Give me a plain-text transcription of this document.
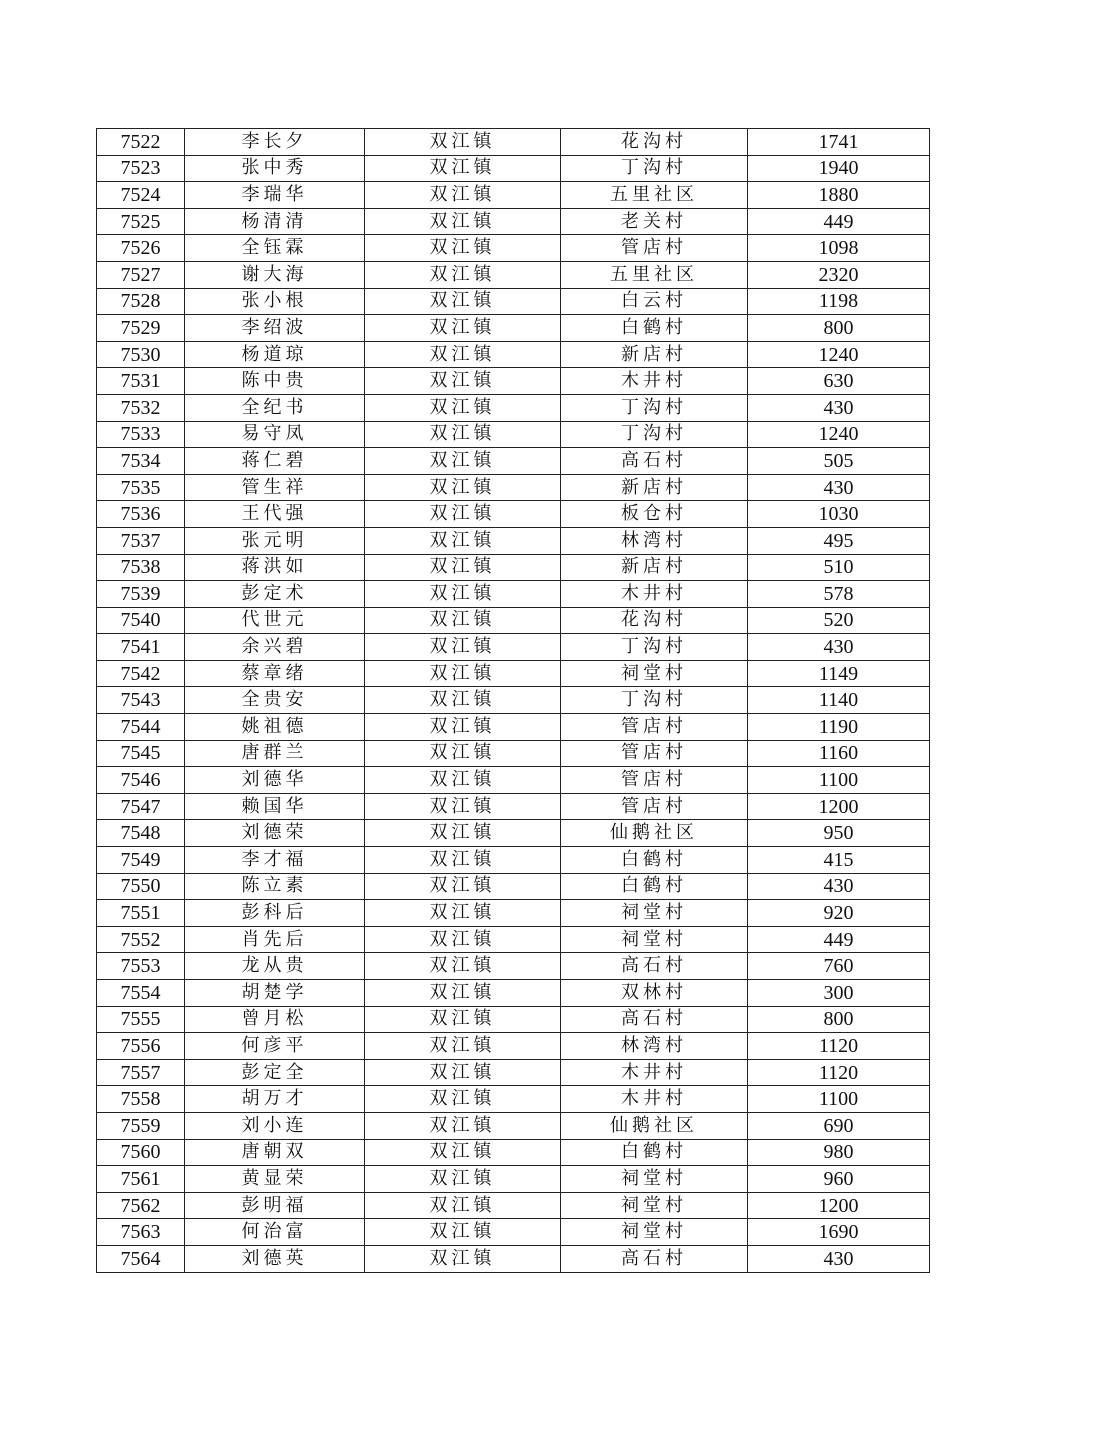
7522	李长夕	双江镇	花沟村	1741
7523	张中秀	双江镇	丁沟村	1940
7524	李瑞华	双江镇	五里社区	1880
7525	杨清清	双江镇	老关村	449
7526	全钰霖	双江镇	管店村	1098
7527	谢大海	双江镇	五里社区	2320
7528	张小根	双江镇	白云村	1198
7529	李绍波	双江镇	白鹤村	800
7530	杨道琼	双江镇	新店村	1240
7531	陈中贵	双江镇	木井村	630
7532	全纪书	双江镇	丁沟村	430
7533	易守凤	双江镇	丁沟村	1240
7534	蒋仁碧	双江镇	高石村	505
7535	管生祥	双江镇	新店村	430
7536	王代强	双江镇	板仓村	1030
7537	张元明	双江镇	林湾村	495
7538	蒋洪如	双江镇	新店村	510
7539	彭定术	双江镇	木井村	578
7540	代世元	双江镇	花沟村	520
7541	余兴碧	双江镇	丁沟村	430
7542	蔡章绪	双江镇	祠堂村	1149
7543	全贵安	双江镇	丁沟村	1140
7544	姚祖德	双江镇	管店村	1190
7545	唐群兰	双江镇	管店村	1160
7546	刘德华	双江镇	管店村	1100
7547	赖国华	双江镇	管店村	1200
7548	刘德荣	双江镇	仙鹅社区	950
7549	李才福	双江镇	白鹤村	415
7550	陈立素	双江镇	白鹤村	430
7551	彭科后	双江镇	祠堂村	920
7552	肖先后	双江镇	祠堂村	449
7553	龙从贵	双江镇	高石村	760
7554	胡楚学	双江镇	双林村	300
7555	曾月松	双江镇	高石村	800
7556	何彦平	双江镇	林湾村	1120
7557	彭定全	双江镇	木井村	1120
7558	胡万才	双江镇	木井村	1100
7559	刘小连	双江镇	仙鹅社区	690
7560	唐朝双	双江镇	白鹤村	980
7561	黄显荣	双江镇	祠堂村	960
7562	彭明福	双江镇	祠堂村	1200
7563	何治富	双江镇	祠堂村	1690
7564	刘德英	双江镇	高石村	430
